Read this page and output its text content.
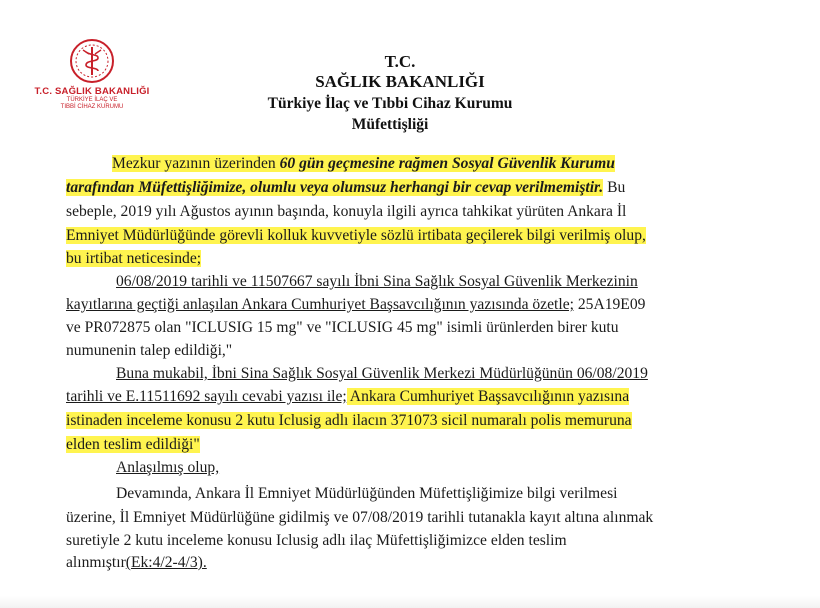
T.C. SAĞLIK BAKANLIĞI
TÜRKİYE İLAÇ VE
TIBBİ CİHAZ KURUMU
T.C.
SAĞLIK BAKANLIĞI
Türkiye İlaç ve Tıbbi Cihaz Kurumu
Müfettişliği
Mezkur yazının üzerinden 60 gün geçmesine rağmen Sosyal Güvenlik Kurumu
tarafından Müfettişliğimize, olumlu veya olumsuz herhangi bir cevap verilmemiştir. Bu
sebeple, 2019 yılı Ağustos ayının başında, konuyla ilgili ayrıca tahkikat yürüten Ankara İl
Emniyet Müdürlüğünde görevli kolluk kuvvetiyle sözlü irtibata geçilerek bilgi verilmiş olup,
bu irtibat neticesinde;
06/08/2019 tarihli ve 11507667 sayılı İbni Sina Sağlık Sosyal Güvenlik Merkezinin
kayıtlarına geçtiği anlaşılan Ankara Cumhuriyet Başsavcılığının yazısında özetle; 25A19E09
ve PR072875 olan "ICLUSIG 15 mg" ve "ICLUSIG 45 mg" isimli ürünlerden birer kutu
numunenin talep edildiği,"
Buna mukabil, İbni Sina Sağlık Sosyal Güvenlik Merkezi Müdürlüğünün 06/08/2019
tarihli ve E.11511692 sayılı cevabi yazısı ile; Ankara Cumhuriyet Başsavcılığının yazısına
istinaden inceleme konusu 2 kutu Iclusig adlı ilacın 371073 sicil numaralı polis memuruna
elden teslim edildiği"
Anlaşılmış olup,
Devamında, Ankara İl Emniyet Müdürlüğünden Müfettişliğimize bilgi verilmesi
üzerine, İl Emniyet Müdürlüğüne gidilmiş ve 07/08/2019 tarihli tutanakla kayıt altına alınmak
suretiyle 2 kutu inceleme konusu Iclusig adlı ilaç Müfettişliğimizce elden teslim
alınmıştır(Ek:4/2-4/3).
